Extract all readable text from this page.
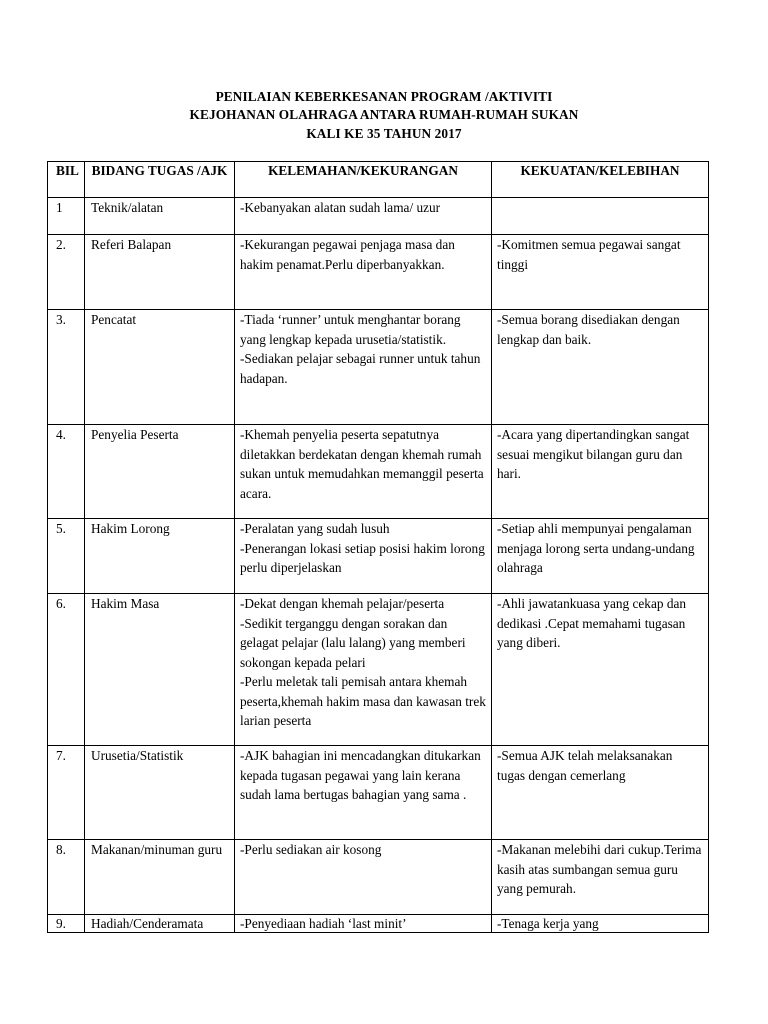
PENILAIAN KEBERKESANAN PROGRAM /AKTIVITI
KEJOHANAN OLAHRAGA ANTARA RUMAH-RUMAH SUKAN
KALI KE 35 TAHUN 2017
BIL	BIDANG TUGAS /AJK	KELEMAHAN/KEKURANGAN	KEKUATAN/KELEBIHAN
1	Teknik/alatan	-Kebanyakan alatan sudah lama/ uzur	

2.	Referi Balapan	-Kekurangan pegawai penjaga masa dan hakim penamat.Perlu diperbanyakkan.	-Komitmen semua pegawai sangat tinggi

3.	Pencatat	-Tiada ‘runner’ untuk menghantar borang yang lengkap kepada urusetia/statistik.
-Sediakan pelajar sebagai runner untuk tahun hadapan.	-Semua borang disediakan dengan lengkap dan baik.

4.	Penyelia Peserta	-Khemah penyelia peserta sepatutnya diletakkan berdekatan dengan khemah rumah sukan untuk memudahkan memanggil peserta acara.	-Acara yang dipertandingkan sangat sesuai mengikut bilangan guru dan hari.

5.	Hakim Lorong	-Peralatan yang sudah lusuh
-Penerangan lokasi setiap posisi hakim lorong perlu diperjelaskan	-Setiap ahli mempunyai pengalaman menjaga lorong serta undang-undang olahraga

6.	Hakim Masa	-Dekat dengan khemah pelajar/peserta
-Sedikit terganggu dengan sorakan dan gelagat pelajar (lalu lalang) yang memberi sokongan kepada pelari
-Perlu meletak tali pemisah antara khemah peserta,khemah hakim masa dan kawasan trek larian peserta	-Ahli jawatankuasa yang cekap dan dedikasi .Cepat memahami tugasan yang diberi.

7.	Urusetia/Statistik	-AJK bahagian ini mencadangkan ditukarkan kepada tugasan pegawai yang lain kerana sudah lama bertugas bahagian yang sama .	-Semua AJK telah melaksanakan tugas dengan cemerlang

8.	Makanan/minuman guru	-Perlu sediakan air kosong	-Makanan melebihi dari cukup.Terima kasih atas sumbangan semua guru yang pemurah.

9.	Hadiah/Cenderamata	-Penyediaan hadiah ‘last minit’	-Tenaga kerja yang
